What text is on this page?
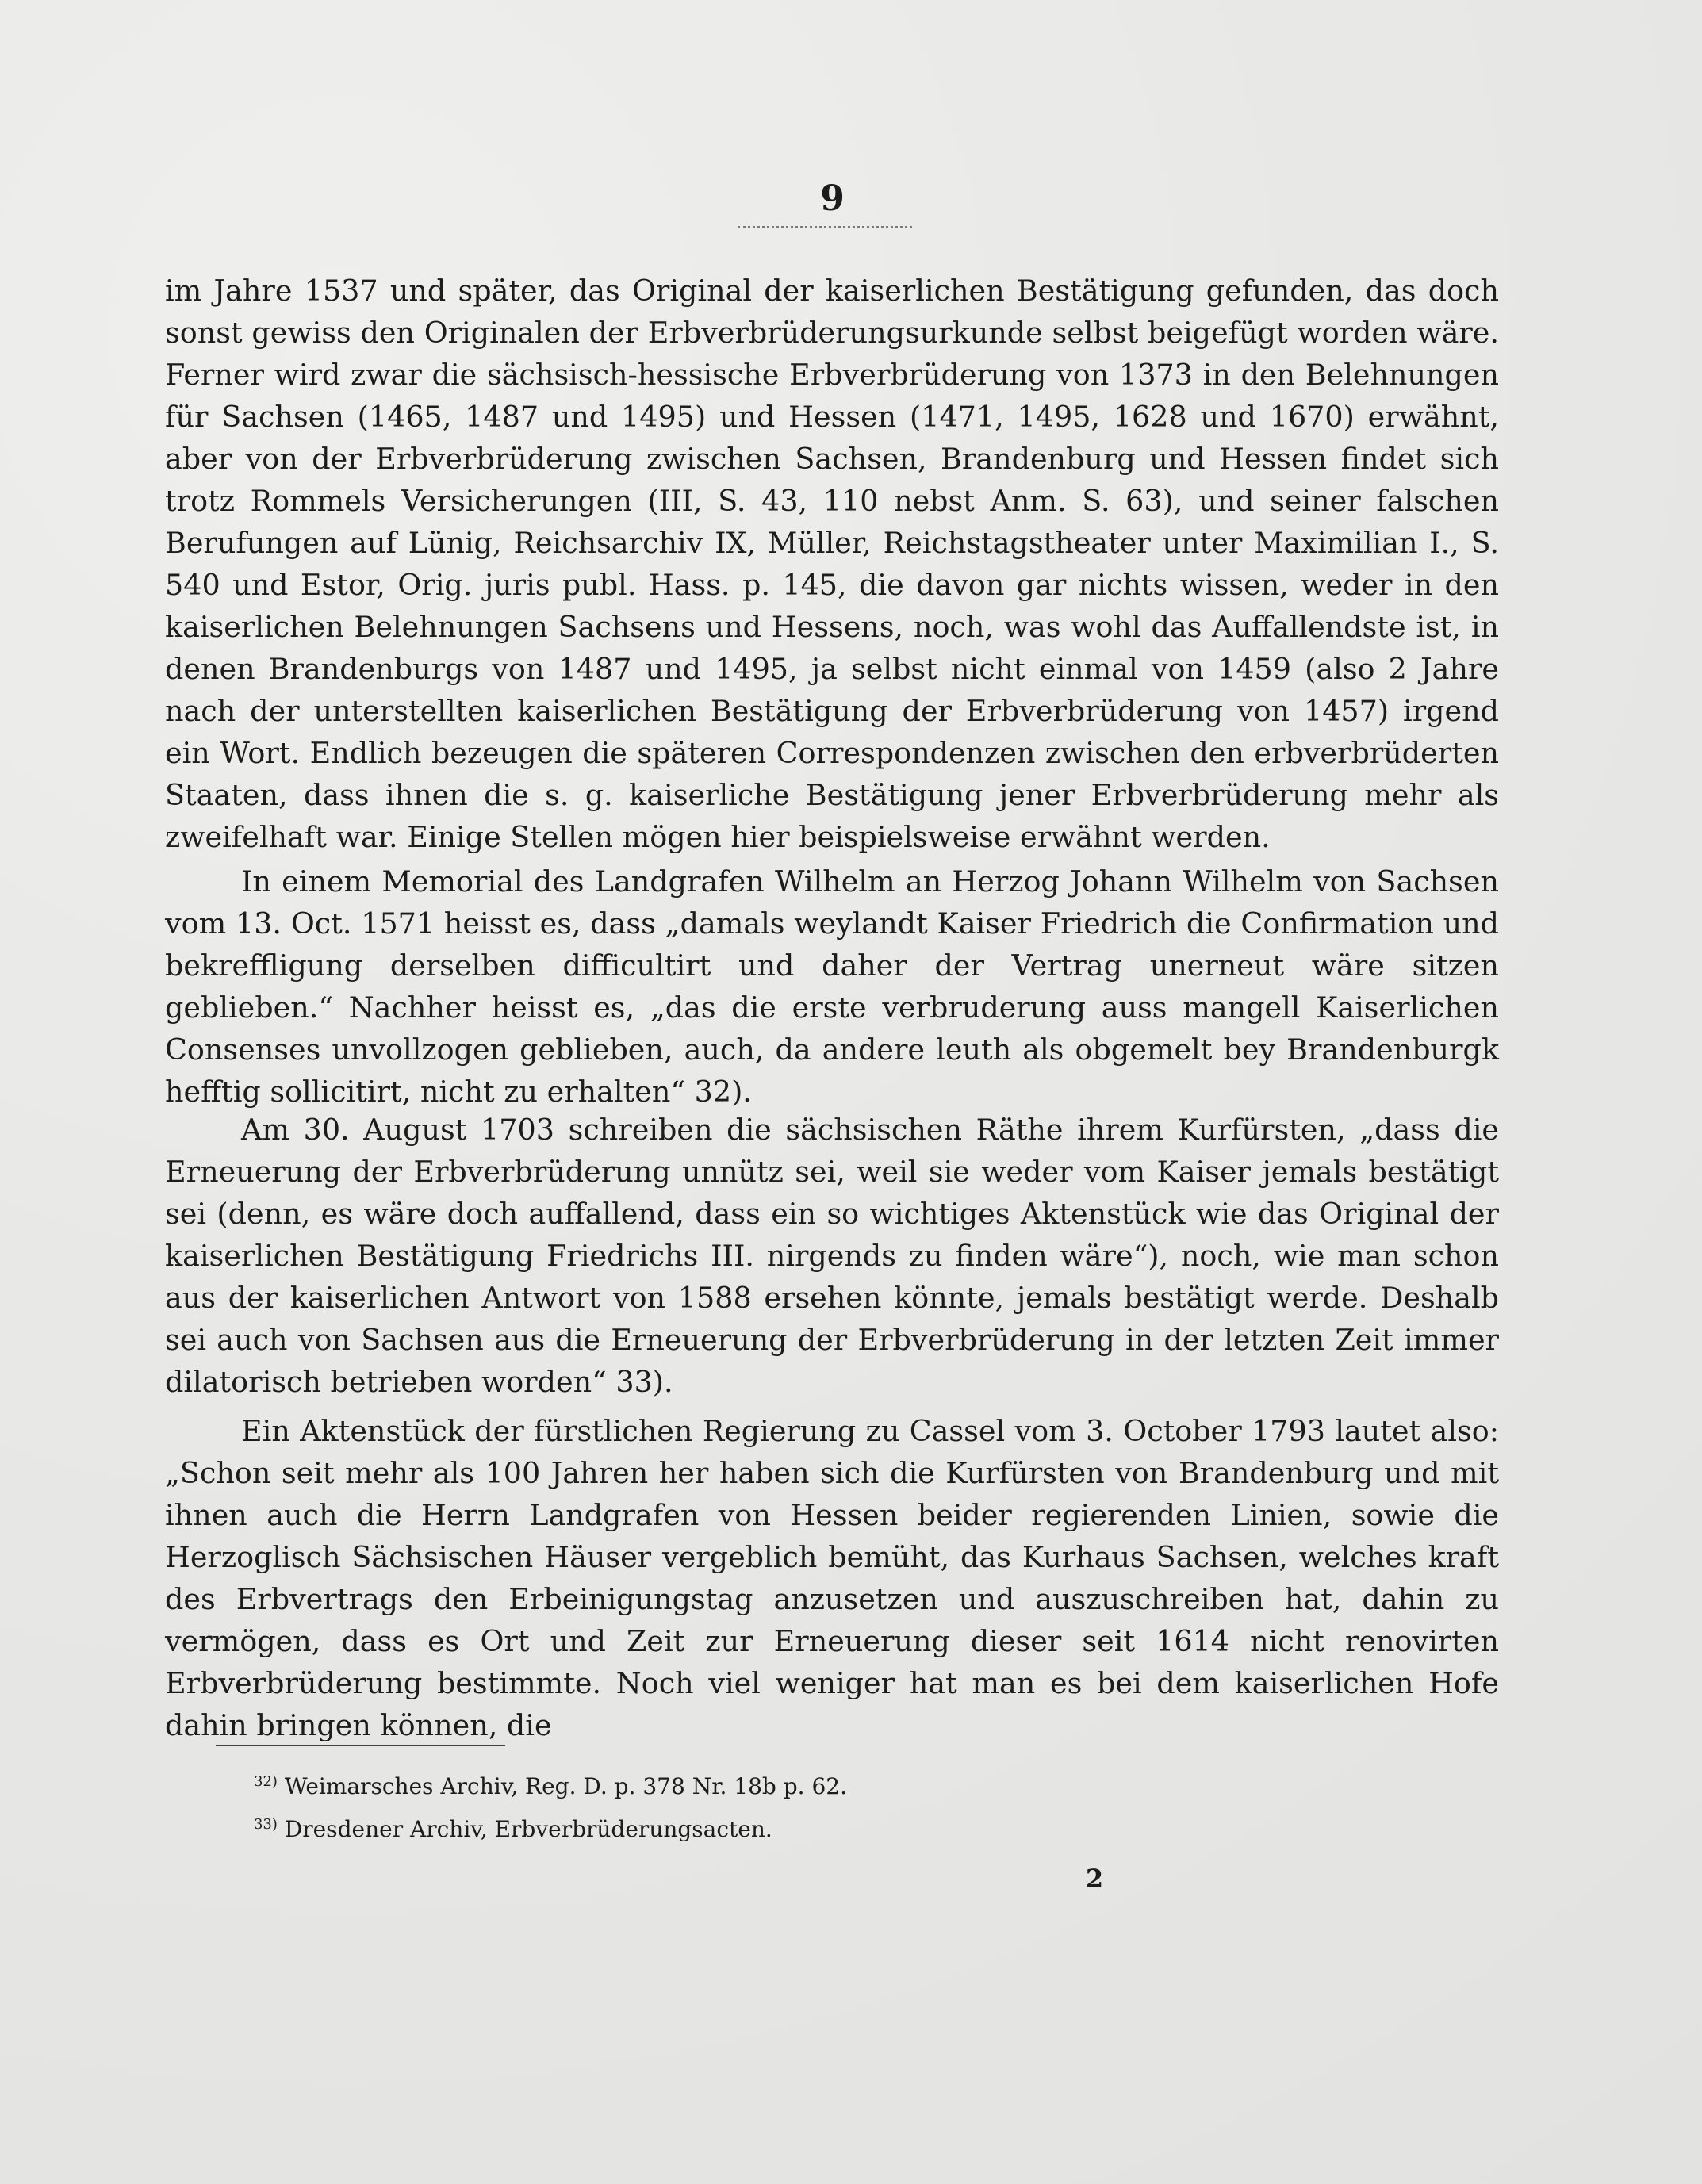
9

im Jahre 1537 und später, das Original der kaiserlichen Bestätigung gefunden, das doch sonst gewiss den Originalen der Erbverbrüderungsurkunde selbst beigefügt worden wäre. Ferner wird zwar die sächsisch-hessische Erbverbrüderung von 1373 in den Belehnungen für Sachsen (1465, 1487 und 1495) und Hessen (1471, 1495, 1628 und 1670) erwähnt, aber von der Erbverbrüderung zwischen Sachsen, Brandenburg und Hessen findet sich trotz Rommels Versicherungen (III, S. 43, 110 nebst Anm. S. 63), und seiner falschen Berufungen auf Lünig, Reichsarchiv IX, Müller, Reichstagstheater unter Maximilian I., S. 540 und Estor, Orig. juris publ. Hass. p. 145, die davon gar nichts wissen, weder in den kaiserlichen Belehnungen Sachsens und Hessens, noch, was wohl das Auffallendste ist, in denen Brandenburgs von 1487 und 1495, ja selbst nicht einmal von 1459 (also 2 Jahre nach der unterstellten kaiserlichen Bestätigung der Erbverbrüderung von 1457) irgend ein Wort. Endlich bezeugen die späteren Correspondenzen zwischen den erbverbrüderten Staaten, dass ihnen die s. g. kaiserliche Bestätigung jener Erbverbrüderung mehr als zweifelhaft war. Einige Stellen mögen hier beispielsweise erwähnt werden.

In einem Memorial des Landgrafen Wilhelm an Herzog Johann Wilhelm von Sachsen vom 13. Oct. 1571 heisst es, dass „damals weylandt Kaiser Friedrich die Confirmation und bekreffligung derselben difficultirt und daher der Vertrag unerneut wäre sitzen geblieben.“ Nachher heisst es, „das die erste verbruderung auss mangell Kaiserlichen Consenses unvollzogen geblieben, auch, da andere leuth als obgemelt bey Brandenburgk hefftig sollicitirt, nicht zu erhalten“ 32).

Am 30. August 1703 schreiben die sächsischen Räthe ihrem Kurfürsten, „dass die Erneuerung der Erbverbrüderung unnütz sei, weil sie weder vom Kaiser jemals bestätigt sei (denn, es wäre doch auffallend, dass ein so wichtiges Aktenstück wie das Original der kaiserlichen Bestätigung Friedrichs III. nirgends zu finden wäre“), noch, wie man schon aus der kaiserlichen Antwort von 1588 ersehen könnte, jemals bestätigt werde. Deshalb sei auch von Sachsen aus die Erneuerung der Erbverbrüderung in der letzten Zeit immer dilatorisch betrieben worden“ 33).

Ein Aktenstück der fürstlichen Regierung zu Cassel vom 3. October 1793 lautet also: „Schon seit mehr als 100 Jahren her haben sich die Kurfürsten von Brandenburg und mit ihnen auch die Herrn Landgrafen von Hessen beider regierenden Linien, sowie die Herzoglisch Sächsischen Häuser vergeblich bemüht, das Kurhaus Sachsen, welches kraft des Erbvertrags den Erbeinigungstag anzusetzen und auszuschreiben hat, dahin zu vermögen, dass es Ort und Zeit zur Erneuerung dieser seit 1614 nicht renovirten Erbverbrüderung bestimmte. Noch viel weniger hat man es bei dem kaiserlichen Hofe dahin bringen können, die

$^{32)}$ Weimarsches Archiv, Reg. D. p. 378 Nr. 18b p. 62.
$^{33)}$ Dresdener Archiv, Erbverbrüderungsacten.
2
